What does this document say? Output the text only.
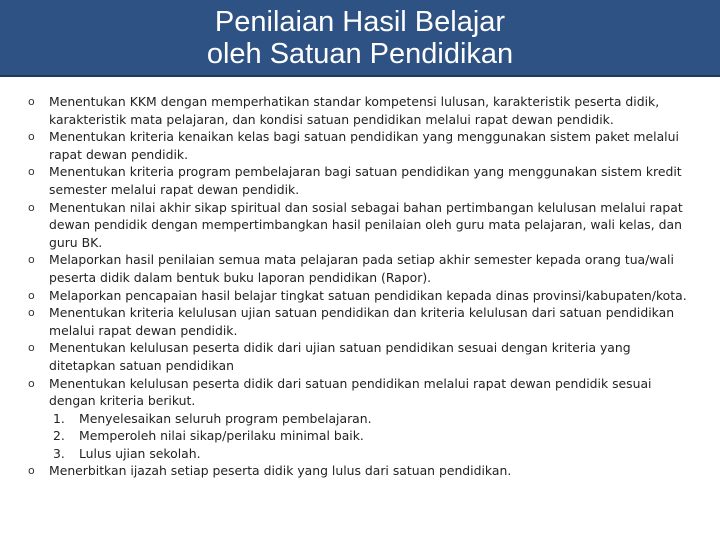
Penilaian Hasil Belajar
oleh Satuan Pendidikan
o Menentukan KKM dengan memperhatikan standar kompetensi lulusan, karakteristik peserta didik, karakteristik mata pelajaran, dan kondisi satuan pendidikan melalui rapat dewan pendidik.
o Menentukan kriteria kenaikan kelas bagi satuan pendidikan yang menggunakan sistem paket melalui rapat dewan pendidik.
o Menentukan kriteria program pembelajaran bagi satuan pendidikan yang menggunakan sistem kredit semester melalui rapat dewan pendidik.
o Menentukan nilai akhir sikap spiritual dan sosial sebagai bahan pertimbangan kelulusan melalui rapat dewan pendidik dengan mempertimbangkan hasil penilaian oleh guru mata pelajaran, wali kelas, dan guru BK.
o Melaporkan hasil penilaian semua mata pelajaran pada setiap akhir semester kepada orang tua/wali peserta didik dalam bentuk buku laporan pendidikan (Rapor).
o Melaporkan pencapaian hasil belajar tingkat satuan pendidikan kepada dinas provinsi/kabupaten/kota.
o Menentukan kriteria kelulusan ujian satuan pendidikan dan kriteria kelulusan dari satuan pendidikan melalui rapat dewan pendidik.
o Menentukan kelulusan peserta didik dari ujian satuan pendidikan sesuai dengan kriteria yang ditetapkan satuan pendidikan
o Menentukan kelulusan peserta didik dari satuan pendidikan melalui rapat dewan pendidik sesuai dengan kriteria berikut.
1. Menyelesaikan seluruh program pembelajaran.
2. Memperoleh nilai sikap/perilaku minimal baik.
3. Lulus ujian sekolah.
o Menerbitkan ijazah setiap peserta didik yang lulus dari satuan pendidikan.
